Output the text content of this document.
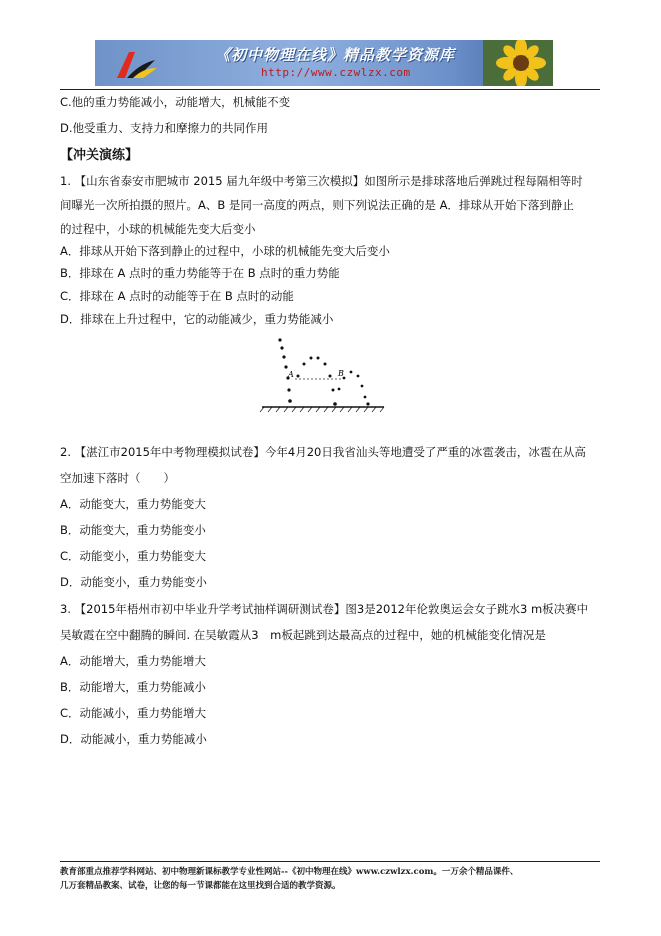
《初中物理在线》精品教学资源库
http://www.czwlzx.com
C.他的重力势能减小，动能增大，机械能不变
D.他受重力、支持力和摩擦力的共同作用
【冲关演练】
1. 【山东省泰安市肥城市 2015 届九年级中考第三次模拟】如图所示是排球落地后弹跳过程每隔相等时
间曝光一次所拍摄的照片。A、B 是同一高度的两点，则下列说法正确的是 A．排球从开始下落到静止
的过程中，小球的机械能先变大后变小
A．排球从开始下落到静止的过程中，小球的机械能先变大后变小
B．排球在 A 点时的重力势能等于在 B 点时的重力势能
C．排球在 A 点时的动能等于在 B 点时的动能
D．排球在上升过程中，它的动能减少，重力势能减小
A	B
2. 【湛江市2015年中考物理模拟试卷】今年4月20日我省汕头等地遭受了严重的冰雹袭击，冰雹在从高
空加速下落时（　　）
A．动能变大，重力势能变大
B．动能变大，重力势能变小
C．动能变小，重力势能变大
D．动能变小，重力势能变小
3. 【2015年梧州市初中毕业升学考试抽样调研测试卷】图3是2012年伦敦奥运会女子跳水3 m板决赛中
吴敏霞在空中翻腾的瞬间. 在吴敏霞从3　m板起跳到达最高点的过程中，她的机械能变化情况是
A．动能增大，重力势能增大
B．动能增大，重力势能减小
C．动能减小，重力势能增大
D．动能减小，重力势能减小
教育部重点推荐学科网站、初中物理新课标教学专业性网站--《初中物理在线》www.czwlzx.com。一万余个精品课件、
几万套精品教案、试卷，让您的每一节课都能在这里找到合适的教学资源。
